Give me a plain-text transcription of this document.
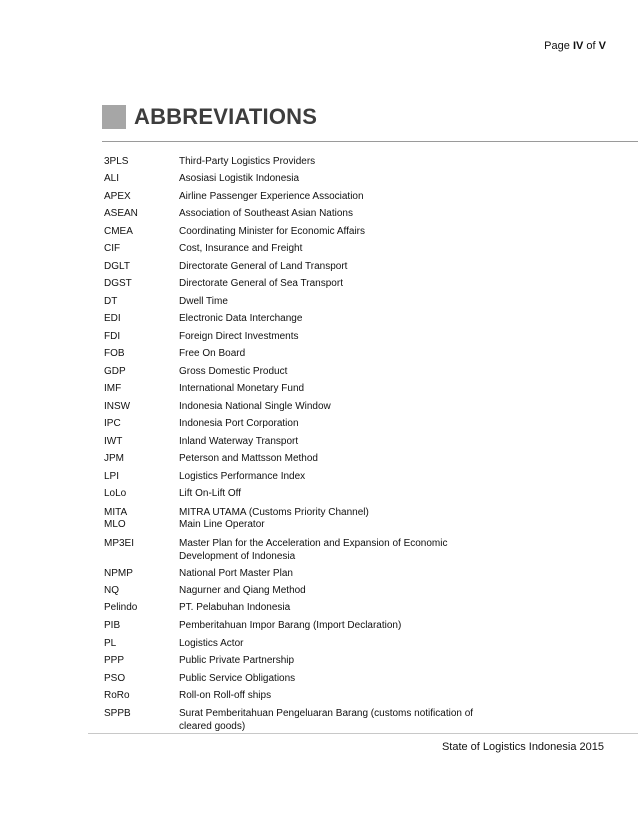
Page IV of V
ABBREVIATIONS
3PLS	Third-Party Logistics Providers
ALI	Asosiasi Logistik Indonesia
APEX	Airline Passenger Experience Association
ASEAN	Association of Southeast Asian Nations
CMEA	Coordinating Minister for Economic Affairs
CIF	Cost, Insurance and Freight
DGLT	Directorate General of Land Transport
DGST	Directorate General of Sea Transport
DT	Dwell Time
EDI	Electronic Data Interchange
FDI	Foreign Direct Investments
FOB	Free On Board
GDP	Gross Domestic Product
IMF	International Monetary Fund
INSW	Indonesia National Single Window
IPC	Indonesia Port Corporation
IWT	Inland Waterway Transport
JPM	Peterson and Mattsson Method
LPI	Logistics Performance Index
LoLo	Lift On-Lift Off
MITA	MITRA UTAMA (Customs Priority Channel)
MLO	Main Line Operator
MP3EI	Master Plan for the Acceleration and Expansion of Economic
Development of Indonesia
NPMP	National Port Master Plan
NQ	Nagurner and Qiang Method
Pelindo	PT. Pelabuhan Indonesia
PIB	Pemberitahuan Impor Barang (Import Declaration)
PL	Logistics Actor
PPP	Public Private Partnership
PSO	Public Service Obligations
RoRo	Roll-on Roll-off ships
SPPB	Surat Pemberitahuan Pengeluaran Barang (customs notification of
cleared goods)
State of Logistics Indonesia 2015
